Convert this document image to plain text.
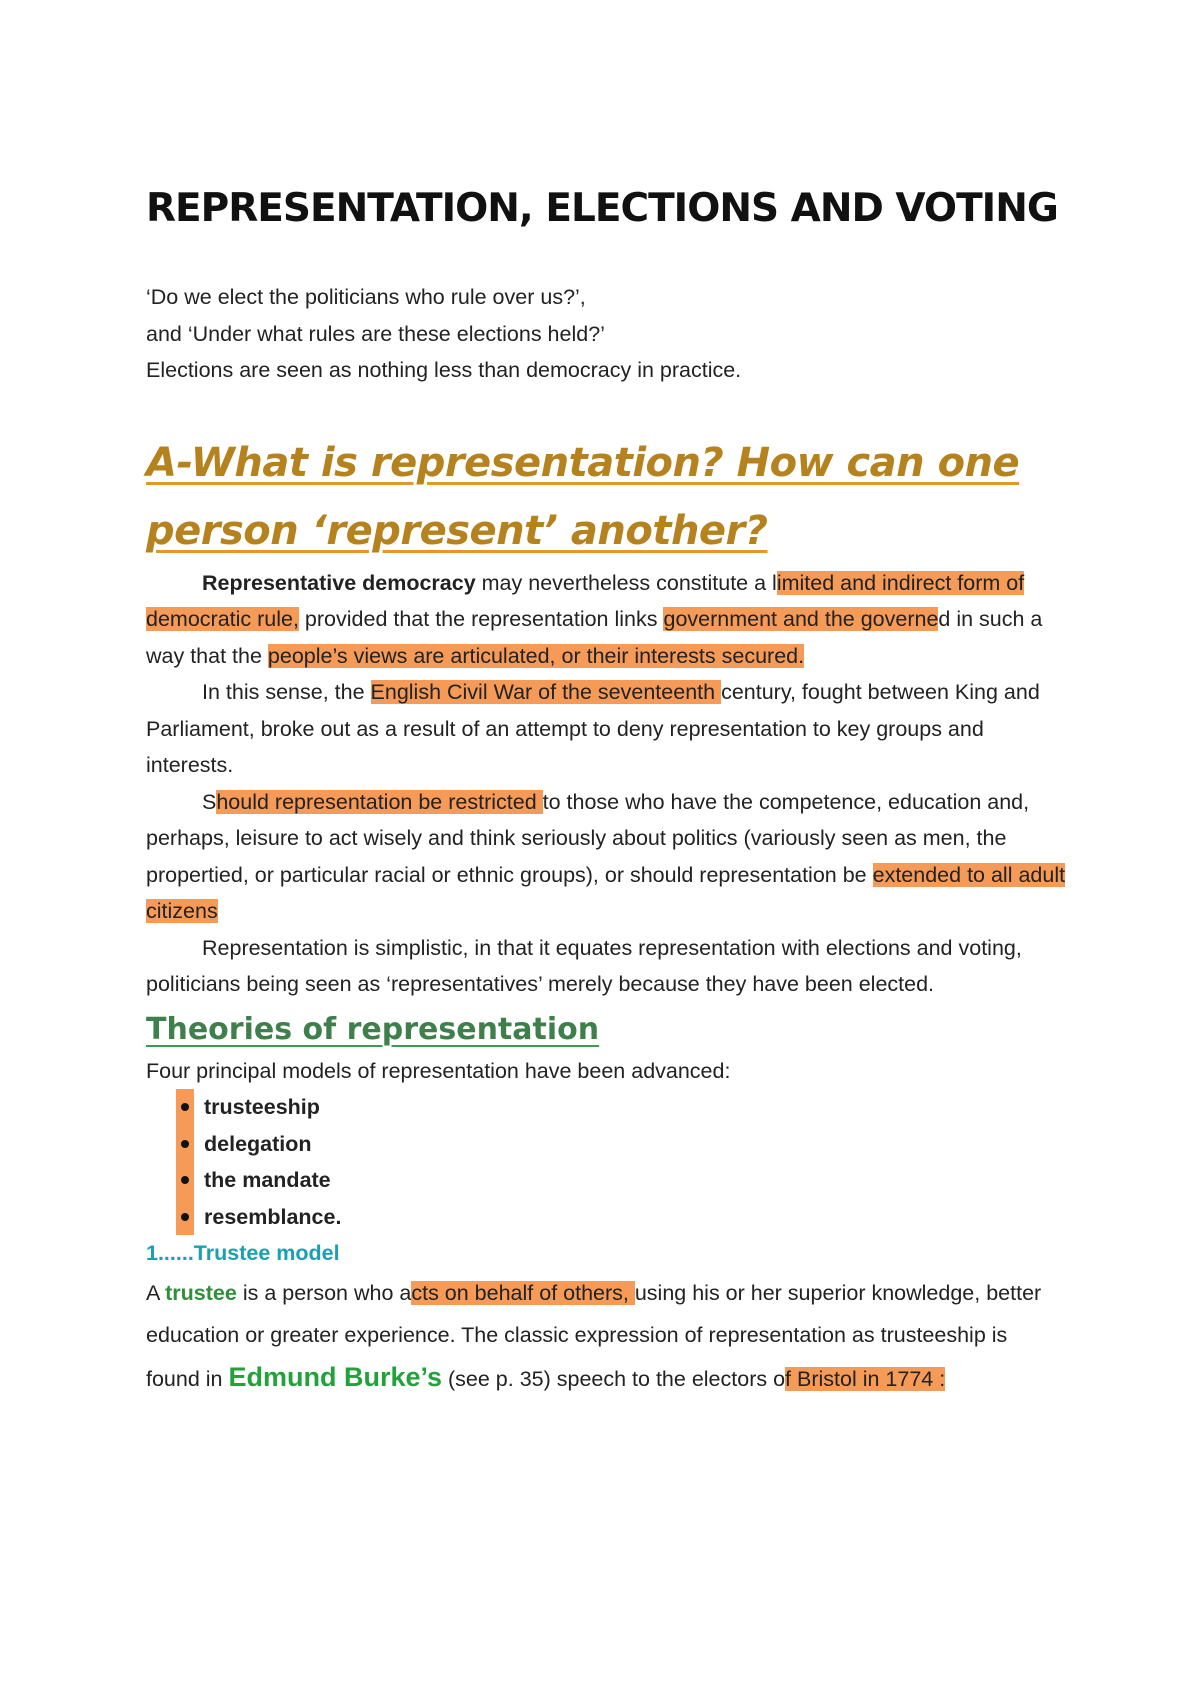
REPRESENTATION, ELECTIONS AND VOTING

‘Do we elect the politicians who rule over us?’,

and ‘Under what rules are these elections held?’

Elections are seen as nothing less than democracy in practice.

A-What is representation? How can one
person ‘represent’ another?

Representative democracy may nevertheless constitute a limited and indirect form of democratic rule, provided that the representation links government and the governed in such a way that the people’s views are articulated, or their interests secured.

In this sense, the English Civil War of the seventeenth century, fought between King and Parliament, broke out as a result of an attempt to deny representation to key groups and interests.

Should representation be restricted to those who have the competence, education and, perhaps, leisure to act wisely and think seriously about politics (variously seen as men, the propertied, or particular racial or ethnic groups), or should representation be extended to all adult citizens

Representation is simplistic, in that it equates representation with elections and voting, politicians being seen as ‘representatives’ merely because they have been elected.

Theories of representation

Four principal models of representation have been advanced:

trusteeship
delegation
the mandate
resemblance.

1......Trustee model

A trustee is a person who acts on behalf of others, using his or her superior knowledge, better education or greater experience. The classic expression of representation as trusteeship is found in Edmund Burke’s (see p. 35) speech to the electors of Bristol in 1774 :
